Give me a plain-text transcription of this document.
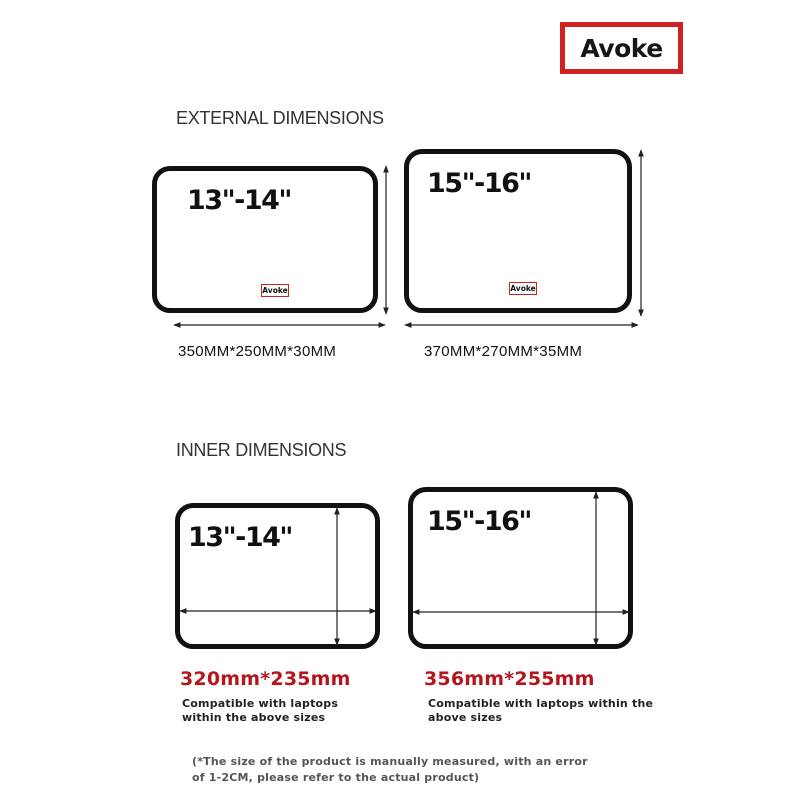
Avoke
EXTERNAL DIMENSIONS
13"-14"
Avoke
15"-16"
Avoke
350MM*250MM*30MM	370MM*270MM*35MM
INNER DIMENSIONS
13"-14"
15"-16"
320mm*235mm	356mm*255mm
Compatible with laptops
within the above sizes
Compatible with laptops within the
above sizes
(*The size of the product is manually measured, with an error
of 1-2CM, please refer to the actual product)
